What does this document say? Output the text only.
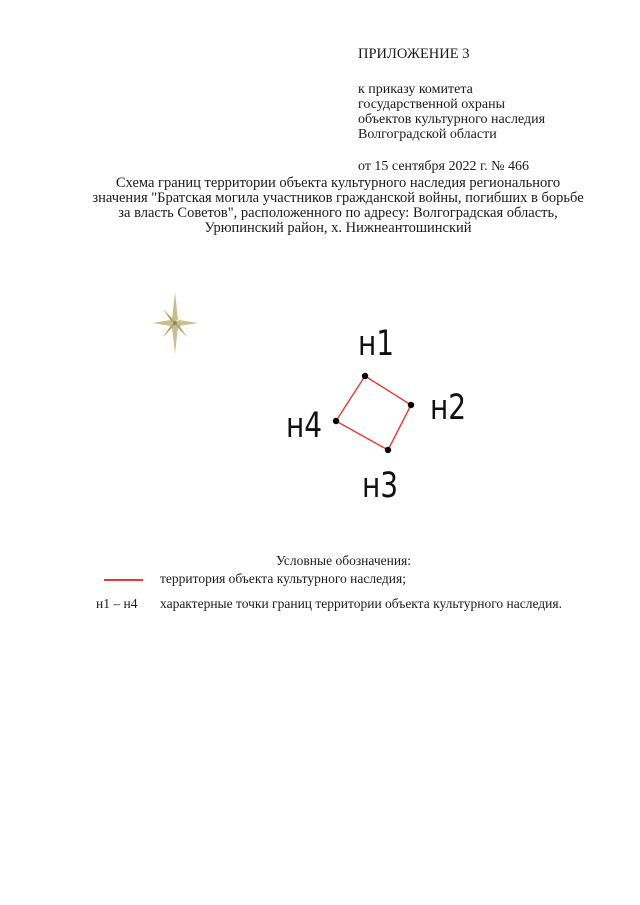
ПРИЛОЖЕНИЕ 3
к приказу комитета
государственной охраны
объектов культурного наследия
Волгоградской области
от 15 сентября 2022 г. № 466
Схема границ территории объекта культурного наследия регионального
значения "Братская могила участников гражданской войны, погибших в борьбе
за власть Советов", расположенного по адресу: Волгоградская область,
Урюпинский район, х. Нижнеантошинский
н1
н2
н3
н4
Условные обозначения:
территория объекта культурного наследия;
н1 – н4 характерные точки границ территории объекта культурного наследия.
